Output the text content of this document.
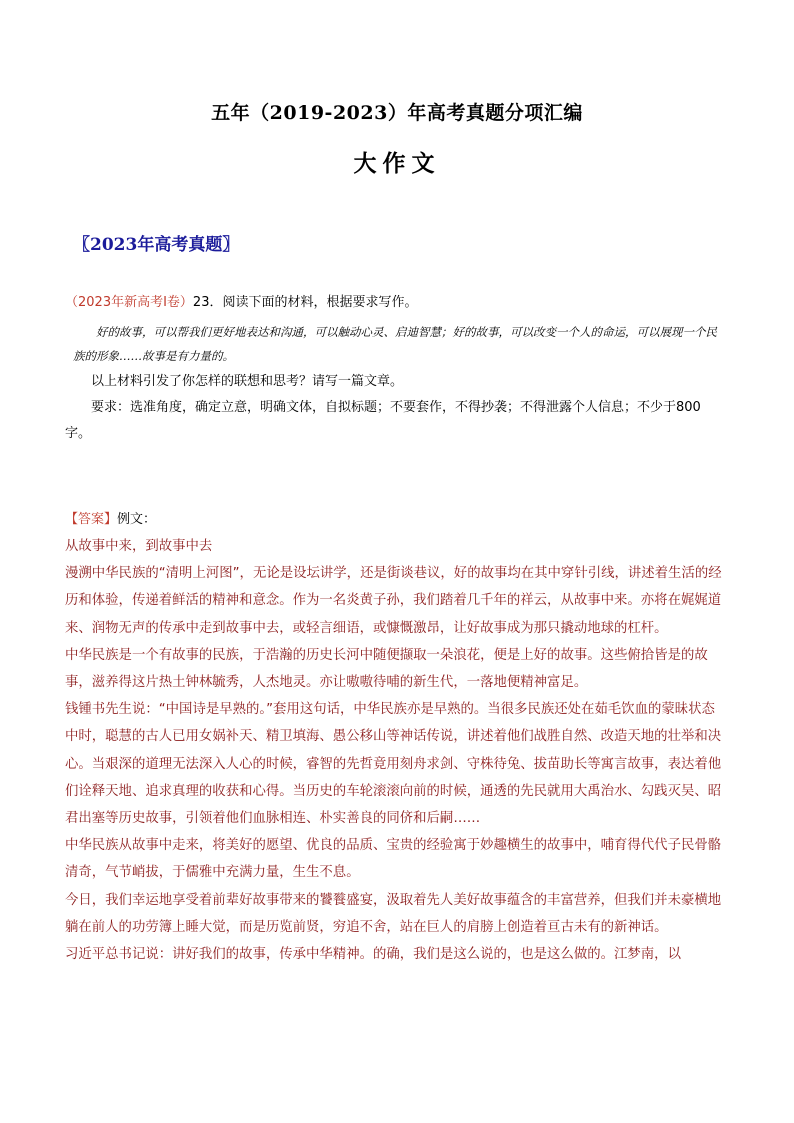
五年（2019-2023）年高考真题分项汇编
大作文
〖2023年高考真题〗
（2023年新高考Ⅰ卷）23．阅读下面的材料，根据要求写作。

好的故事，可以帮我们更好地表达和沟通，可以触动心灵、启迪智慧；好的故事，可以改变一个人的命运，可以展现一个民族的形象……故事是有力量的。

以上材料引发了你怎样的联想和思考？请写一篇文章。

要求：选准角度，确定立意，明确文体，自拟标题；不要套作，不得抄袭；不得泄露个人信息；不少于800字。

【答案】例文：

从故事中来，到故事中去

漫溯中华民族的“清明上河图”，无论是设坛讲学，还是街谈巷议，好的故事均在其中穿针引线，讲述着生活的经历和体验，传递着鲜活的精神和意念。作为一名炎黄子孙，我们踏着几千年的祥云，从故事中来。亦将在娓娓道来、润物无声的传承中走到故事中去，或轻言细语，或慷慨激昂，让好故事成为那只撬动地球的杠杆。

中华民族是一个有故事的民族，于浩瀚的历史长河中随便撷取一朵浪花，便是上好的故事。这些俯拾皆是的故事，滋养得这片热土钟林毓秀，人杰地灵。亦让嗷嗷待哺的新生代，一落地便精神富足。

钱锺书先生说：“中国诗是早熟的。”套用这句话，中华民族亦是早熟的。当很多民族还处在茹毛饮血的蒙昧状态中时，聪慧的古人已用女娲补天、精卫填海、愚公移山等神话传说，讲述着他们战胜自然、改造天地的壮举和决心。当艰深的道理无法深入人心的时候，睿智的先哲竟用刻舟求剑、守株待兔、拔苗助长等寓言故事，表达着他们诠释天地、追求真理的收获和心得。当历史的车轮滚滚向前的时候，通透的先民就用大禹治水、勾践灭吴、昭君出塞等历史故事，引领着他们血脉相连、朴实善良的同侪和后嗣……

中华民族从故事中走来，将美好的愿望、优良的品质、宝贵的经验寓于妙趣横生的故事中，哺育得代代子民骨骼清奇，气节峭拔，于儒雅中充满力量，生生不息。

今日，我们幸运地享受着前辈好故事带来的饕餮盛宴，汲取着先人美好故事蕴含的丰富营养，但我们并未豪横地躺在前人的功劳簿上睡大觉，而是历览前贤，穷追不舍，站在巨人的肩膀上创造着亘古未有的新神话。

习近平总书记说：讲好我们的故事，传承中华精神。的确，我们是这么说的，也是这么做的。江梦南，以
